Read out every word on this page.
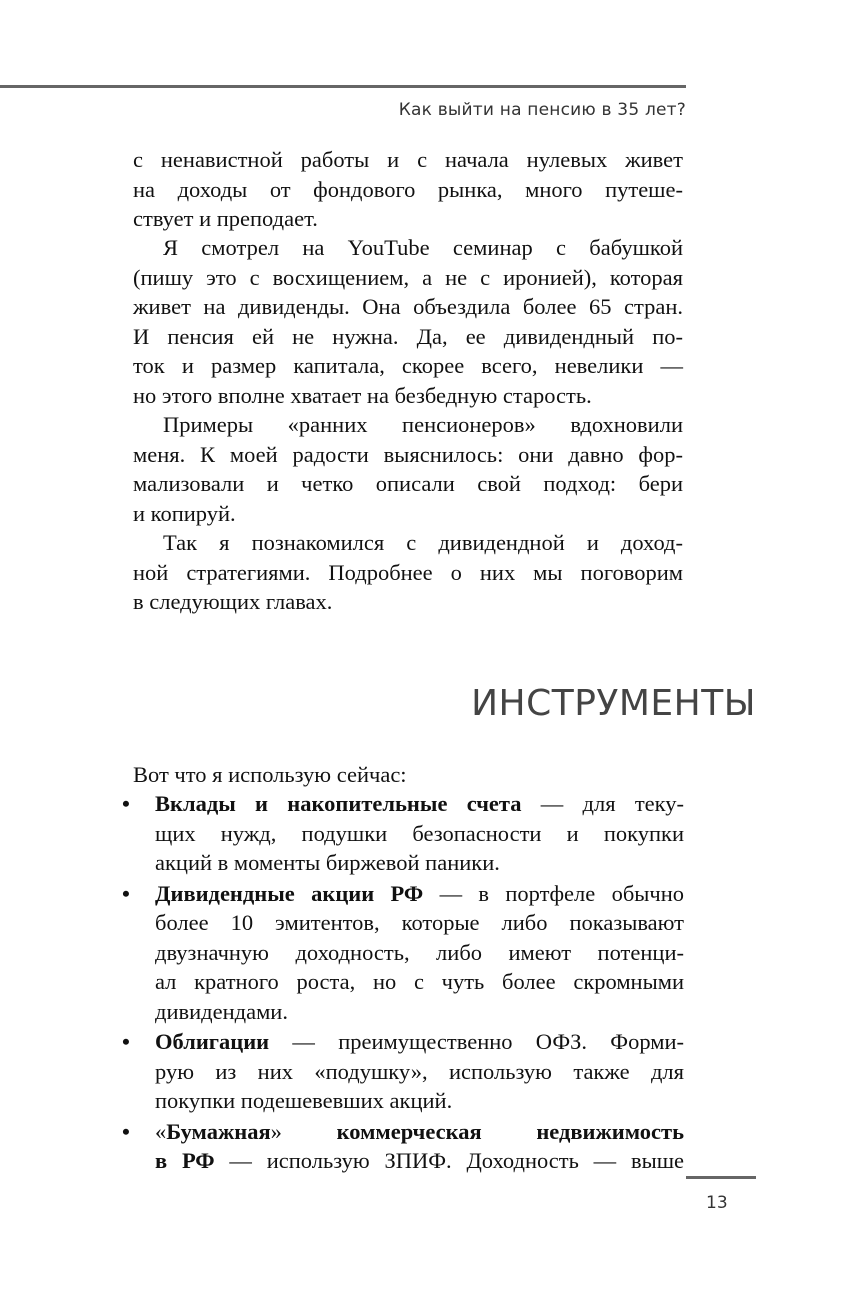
Как выйти на пенсию в 35 лет?

с ненавистной работы и с начала нулевых живет
на доходы от фондового рынка, много путеше-
ствует и преподает.

Я смотрел на YouTube семинар с бабушкой
(пишу это с восхищением, а не с иронией), которая
живет на дивиденды. Она объездила более 65 стран.
И пенсия ей не нужна. Да, ее дивидендный по-
ток и размер капитала, скорее всего, невелики —
но этого вполне хватает на безбедную старость.

Примеры «ранних пенсионеров» вдохновили
меня. К моей радости выяснилось: они давно фор-
мализовали и четко описали свой подход: бери
и копируй.

Так я познакомился с дивидендной и доход-
ной стратегиями. Подробнее о них мы поговорим
в следующих главах.

ИНСТРУМЕНТЫ

Вот что я использую сейчас:

• Вклады и накопительные счета — для теку-
щих нужд, подушки безопасности и покупки
акций в моменты биржевой паники.
• Дивидендные акции РФ — в портфеле обычно
более 10 эмитентов, которые либо показывают
двузначную доходность, либо имеют потенци-
ал кратного роста, но с чуть более скромными
дивидендами.
• Облигации — преимущественно ОФЗ. Форми-
рую из них «подушку», использую также для
покупки подешевевших акций.
• «Бумажная» коммерческая недвижимость
в РФ — использую ЗПИФ. Доходность — выше
13
